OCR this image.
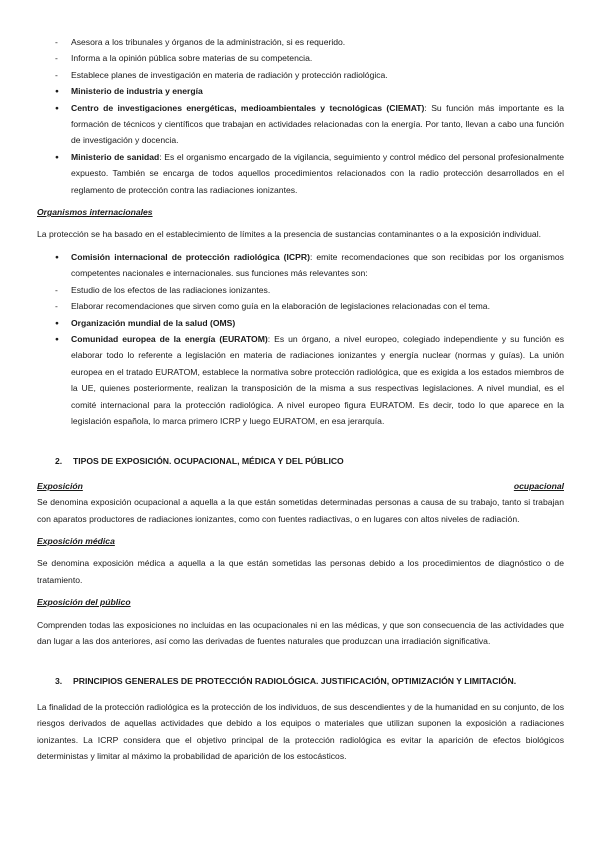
-
Asesora a los tribunales y órganos de la administración, si es requerido.
-
Informa a la opinión pública sobre materias de su competencia.
-
Establece planes de investigación en materia de radiación y protección radiológica.
●
Ministerio de industria y energía
●
Centro de investigaciones energéticas, medioambientales y tecnológicas (CIEMAT): Su función más importante es la formación de técnicos y científicos que trabajan en actividades relacionadas con la energía. Por tanto, llevan a cabo una función de investigación y docencia.
●
Ministerio de sanidad: Es el organismo encargado de la vigilancia, seguimiento y control médico del personal profesionalmente expuesto. También se encarga de todos aquellos procedimientos relacionados con la radio protección desarrollados en el reglamento de protección contra las radiaciones ionizantes.
Organismos internacionales
La protección se ha basado en el establecimiento de límites a la presencia de sustancias contaminantes o a la exposición individual.
●
Comisión internacional de protección radiológica (ICPR): emite recomendaciones que son recibidas por los organismos competentes nacionales e internacionales. sus funciones más relevantes son:
-
Estudio de los efectos de las radiaciones ionizantes.
-
Elaborar recomendaciones que sirven como guía en la elaboración de legislaciones relacionadas con el tema.
●
Organización mundial de la salud (OMS)
●
Comunidad europea de la energía (EURATOM): Es un órgano, a nivel europeo, colegiado independiente y su función es elaborar todo lo referente a legislación en materia de radiaciones ionizantes y energía nuclear (normas y guías). La unión europea en el tratado EURATOM, establece la normativa sobre protección radiológica, que es exigida a los estados miembros de la UE, quienes posteriormente, realizan la transposición de la misma a sus respectivas legislaciones. A nivel mundial, es el comité internacional para la protección radiológica. A nivel europeo figura EURATOM. Es decir, todo lo que aparece en la legislación española, lo marca primero ICRP y luego EURATOM, en esa jerarquía.
2. TIPOS DE EXPOSICIÓN. OCUPACIONAL, MÉDICA Y DEL PÚBLICO
Exposición	ocupacional
Se denomina exposición ocupacional a aquella a la que están sometidas determinadas personas a causa de su trabajo, tanto si trabajan con aparatos productores de radiaciones ionizantes, como con fuentes radiactivas, o en lugares con altos niveles de radiación.
Exposición médica
Se denomina exposición médica a aquella a la que están sometidas las personas debido a los procedimientos de diagnóstico o de tratamiento.
Exposición del público
Comprenden todas las exposiciones no incluidas en las ocupacionales ni en las médicas, y que son consecuencia de las actividades que dan lugar a las dos anteriores, así como las derivadas de fuentes naturales que produzcan una irradiación significativa.
3. PRINCIPIOS GENERALES DE PROTECCIÓN RADIOLÓGICA. JUSTIFICACIÓN, OPTIMIZACIÓN Y LIMITACIÓN.
La finalidad de la protección radiológica es la protección de los individuos, de sus descendientes y de la humanidad en su conjunto, de los riesgos derivados de aquellas actividades que debido a los equipos o materiales que utilizan suponen la exposición a radiaciones ionizantes. La ICRP considera que el objetivo principal de la protección radiológica es evitar la aparición de efectos biológicos deterministas y limitar al máximo la probabilidad de aparición de los estocásticos.
